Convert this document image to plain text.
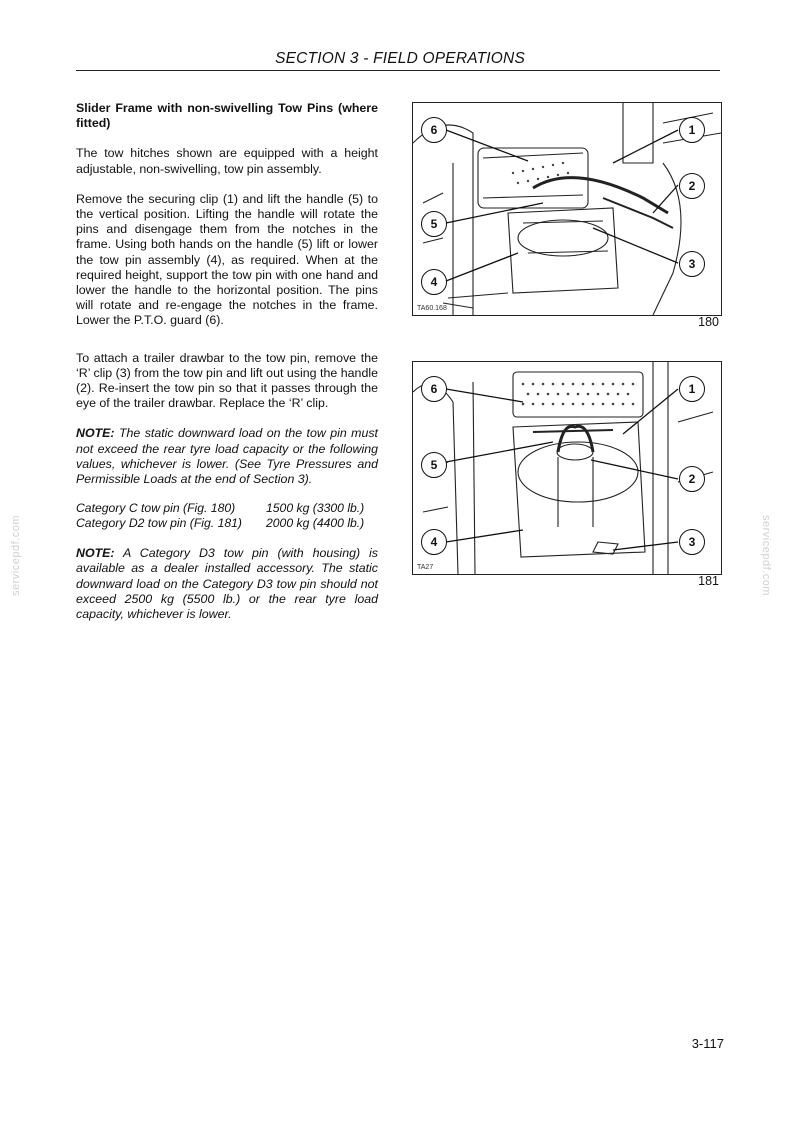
SECTION 3 - FIELD OPERATIONS

Slider Frame with non-swivelling Tow Pins (where fitted)

The tow hitches shown are equipped with a height adjustable, non-swivelling, tow pin assembly.

Remove the securing clip (1) and lift the handle (5) to the vertical position. Lifting the handle will rotate the pins and disengage them from the notches in the frame. Using both hands on the handle (5) lift or lower the tow pin assembly (4), as required. When at the required height, support the tow pin with one hand and lower the handle to the horizontal position. The pins will rotate and re-engage the notches in the frame. Lower the P.T.O. guard (6).

To attach a trailer drawbar to the tow pin, remove the ‘R’ clip (3) from the tow pin and lift out using the handle (2). Re-insert the tow pin so that it passes through the eye of the trailer drawbar. Replace the ‘R’ clip.

NOTE: The static downward load on the tow pin must not exceed the rear tyre load capacity or the following values, whichever is lower. (See Tyre Pressures and Permissible Loads at the end of Section 3).

Category C tow pin (Fig. 180)	1500 kg (3300 lb.)
Category D2 tow pin (Fig. 181)	2000 kg (4400 lb.)

NOTE: A Category D3 tow pin (with housing) is available as a dealer installed accessory. The static downward load on the Category D3 tow pin should not exceed 2500 kg (5500 lb.) or the rear tyre load capacity, whichever is lower.

6	1
2
5
3
4
TA60.168
180
6	1
5
2
4	3
TA27
181
servicepdf.com	servicepdf.com
3-117
